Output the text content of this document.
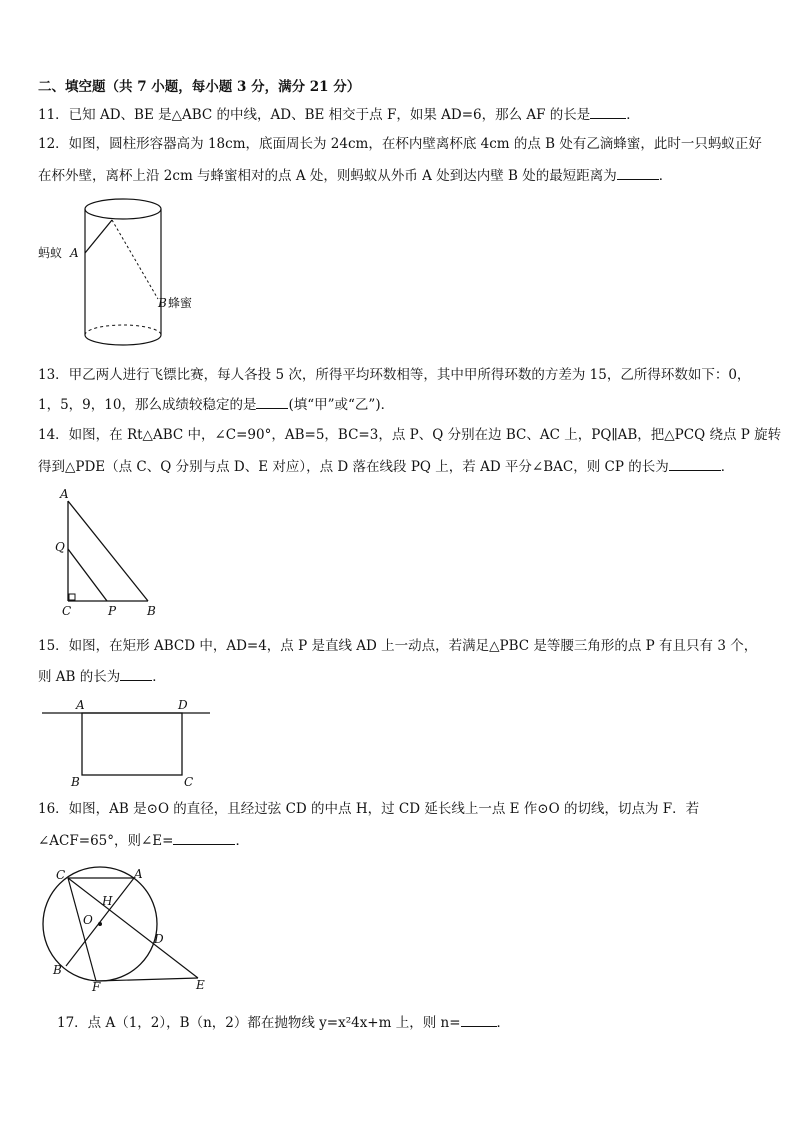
二、填空题（共 7 小题，每小题 3 分，满分 21 分）
11．已知 AD、BE 是△ABC 的中线，AD、BE 相交于点 F，如果 AD=6，那么 AF 的长是	．
12．如图，圆柱形容器高为 18cm，底面周长为 24cm，在杯内壁离杯底 4cm 的点 B 处有乙滴蜂蜜，此时一只蚂蚁正好
在杯外壁，离杯上沿 2cm 与蜂蜜相对的点 A 处，则蚂蚁从外币 A 处到达内壁 B 处的最短距离为	．
蚂蚁 A
B 蜂蜜
13．甲乙两人进行飞镖比赛，每人各投 5 次，所得平均环数相等，其中甲所得环数的方差为 15，乙所得环数如下：0，
1，5，9，10，那么成绩较稳定的是 (填“甲”或“乙”)．
14．如图，在 Rt△ABC 中，∠C=90°，AB=5，BC=3，点 P、Q 分别在边 BC、AC 上，PQ∥AB，把△PCQ 绕点 P 旋转
得到△PDE（点 C、Q 分别与点 D、E 对应），点 D 落在线段 PQ 上，若 AD 平分∠BAC，则 CP 的长为	．
A
Q
C	P	B
15．如图，在矩形 ABCD 中，AD=4，点 P 是直线 AD 上一动点，若满足△PBC 是等腰三角形的点 P 有且只有 3 个，
则 AB 的长为 ．
A	D
B	C
16．如图，AB 是⊙O 的直径，且经过弦 CD 的中点 H，过 CD 延长线上一点 E 作⊙O 的切线，切点为 F．若
∠ACF=65°，则∠E=	．
C	A
H
O
D
B
F	E
17．点 A（1，2），B（n，2）都在抛物线 y=x²4x+m 上，则 n=	．
